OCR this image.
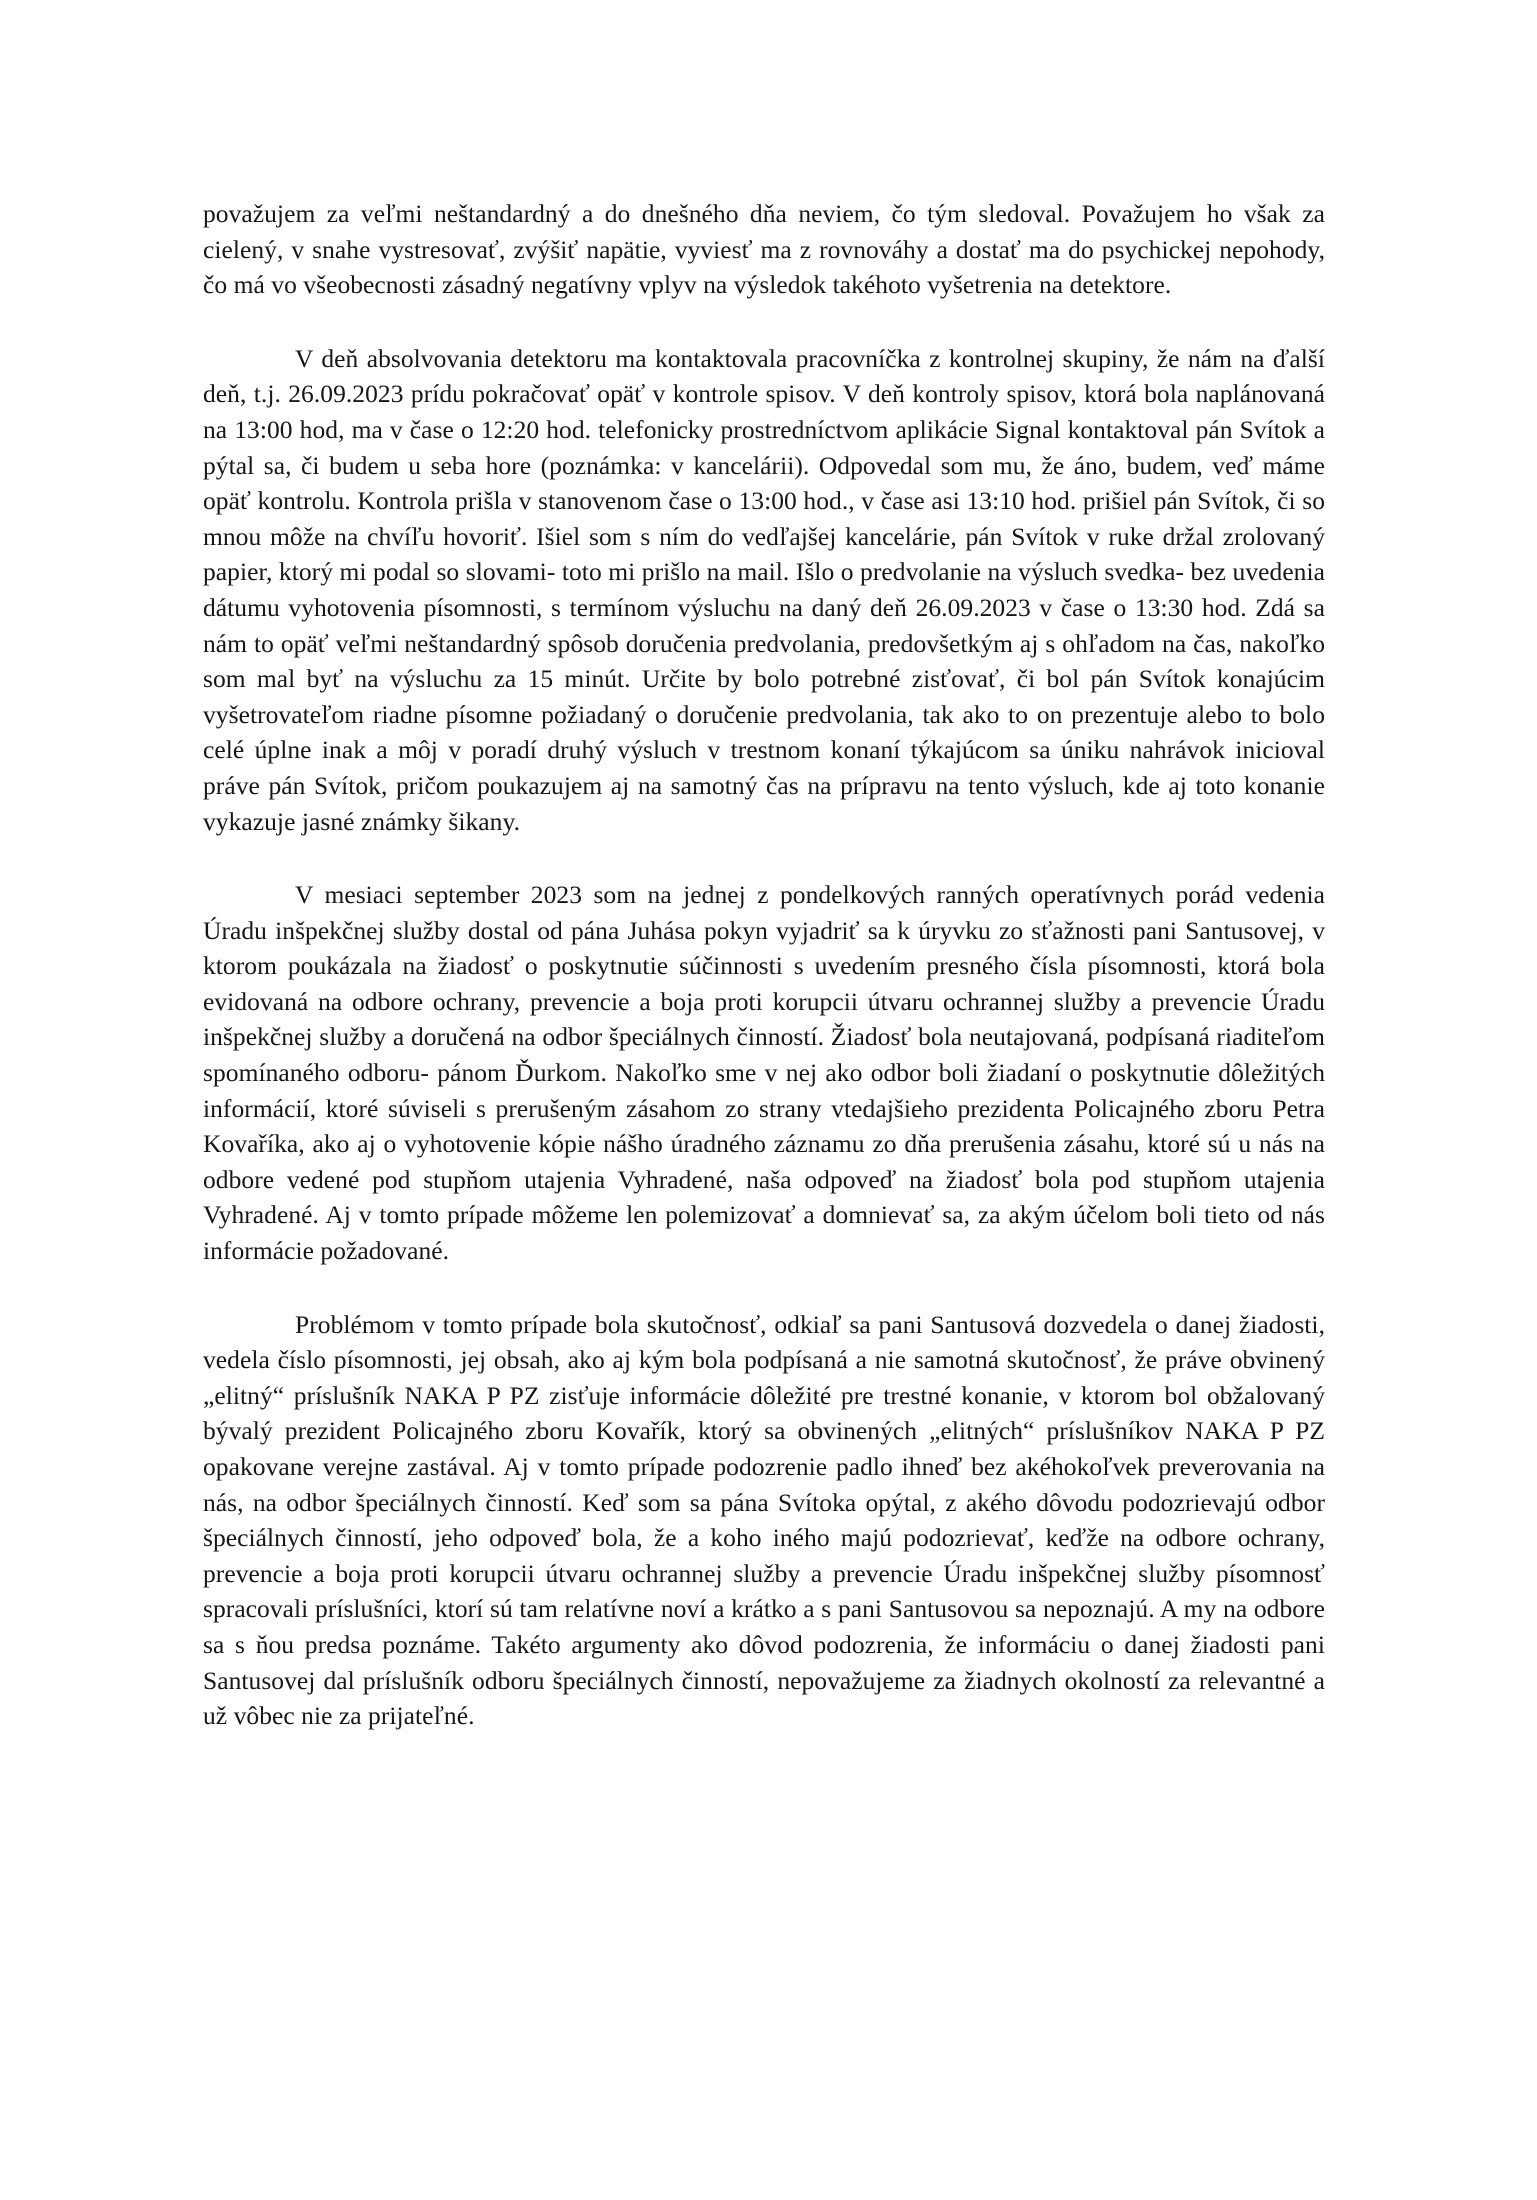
považujem za veľmi neštandardný a do dnešného dňa neviem, čo tým sledoval. Považujem ho však za cielený, v snahe vystresovať, zvýšiť napätie, vyviesť ma z rovnováhy a dostať ma do psychickej nepohody, čo má vo všeobecnosti zásadný negatívny vplyv na výsledok takéhoto vyšetrenia na detektore.

V deň absolvovania detektoru ma kontaktovala pracovníčka z kontrolnej skupiny, že nám na ďalší deň, t.j. 26.09.2023 prídu pokračovať opäť v kontrole spisov. V deň kontroly spisov, ktorá bola naplánovaná na 13:00 hod, ma v čase o 12:20 hod. telefonicky prostredníctvom aplikácie Signal kontaktoval pán Svítok a pýtal sa, či budem u seba hore (poznámka: v kancelárii). Odpovedal som mu, že áno, budem, veď máme opäť kontrolu. Kontrola prišla v stanovenom čase o 13:00 hod., v čase asi 13:10 hod. prišiel pán Svítok, či so mnou môže na chvíľu hovoriť. Išiel som s ním do vedľajšej kancelárie, pán Svítok v ruke držal zrolovaný papier, ktorý mi podal so slovami- toto mi prišlo na mail. Išlo o predvolanie na výsluch svedka- bez uvedenia dátumu vyhotovenia písomnosti, s termínom výsluchu na daný deň 26.09.2023 v čase o 13:30 hod. Zdá sa nám to opäť veľmi neštandardný spôsob doručenia predvolania, predovšetkým aj s ohľadom na čas, nakoľko som mal byť na výsluchu za 15 minút. Určite by bolo potrebné zisťovať, či bol pán Svítok konajúcim vyšetrovateľom riadne písomne požiadaný o doručenie predvolania, tak ako to on prezentuje alebo to bolo celé úplne inak a môj v poradí druhý výsluch v trestnom konaní týkajúcom sa úniku nahrávok inicioval práve pán Svítok, pričom poukazujem aj na samotný čas na prípravu na tento výsluch, kde aj toto konanie vykazuje jasné známky šikany.

V mesiaci september 2023 som na jednej z pondelkových ranných operatívnych porád vedenia Úradu inšpekčnej služby dostal od pána Juhása pokyn vyjadriť sa k úryvku zo sťažnosti pani Santusovej, v ktorom poukázala na žiadosť o poskytnutie súčinnosti s uvedením presného čísla písomnosti, ktorá bola evidovaná na odbore ochrany, prevencie a boja proti korupcii útvaru ochrannej služby a prevencie Úradu inšpekčnej služby a doručená na odbor špeciálnych činností. Žiadosť bola neutajovaná, podpísaná riaditeľom spomínaného odboru- pánom Ďurkom. Nakoľko sme v nej ako odbor boli žiadaní o poskytnutie dôležitých informácií, ktoré súviseli s prerušeným zásahom zo strany vtedajšieho prezidenta Policajného zboru Petra Kovaříka, ako aj o vyhotovenie kópie nášho úradného záznamu zo dňa prerušenia zásahu, ktoré sú u nás na odbore vedené pod stupňom utajenia Vyhradené, naša odpoveď na žiadosť bola pod stupňom utajenia Vyhradené. Aj v tomto prípade môžeme len polemizovať a domnievať sa, za akým účelom boli tieto od nás informácie požadované.

Problémom v tomto prípade bola skutočnosť, odkiaľ sa pani Santusová dozvedela o danej žiadosti, vedela číslo písomnosti, jej obsah, ako aj kým bola podpísaná a nie samotná skutočnosť, že práve obvinený „elitný“ príslušník NAKA P PZ zisťuje informácie dôležité pre trestné konanie, v ktorom bol obžalovaný bývalý prezident Policajného zboru Kovařík, ktorý sa obvinených „elitných“ príslušníkov NAKA P PZ opakovane verejne zastával. Aj v tomto prípade podozrenie padlo ihneď bez akéhokoľvek preverovania na nás, na odbor špeciálnych činností. Keď som sa pána Svítoka opýtal, z akého dôvodu podozrievajú odbor špeciálnych činností, jeho odpoveď bola, že a koho iného majú podozrievať, keďže na odbore ochrany, prevencie a boja proti korupcii útvaru ochrannej služby a prevencie Úradu inšpekčnej služby písomnosť spracovali príslušníci, ktorí sú tam relatívne noví a krátko a s pani Santusovou sa nepoznajú. A my na odbore sa s ňou predsa poznáme. Takéto argumenty ako dôvod podozrenia, že informáciu o danej žiadosti pani Santusovej dal príslušník odboru špeciálnych činností, nepovažujeme za žiadnych okolností za relevantné a už vôbec nie za prijateľné.
